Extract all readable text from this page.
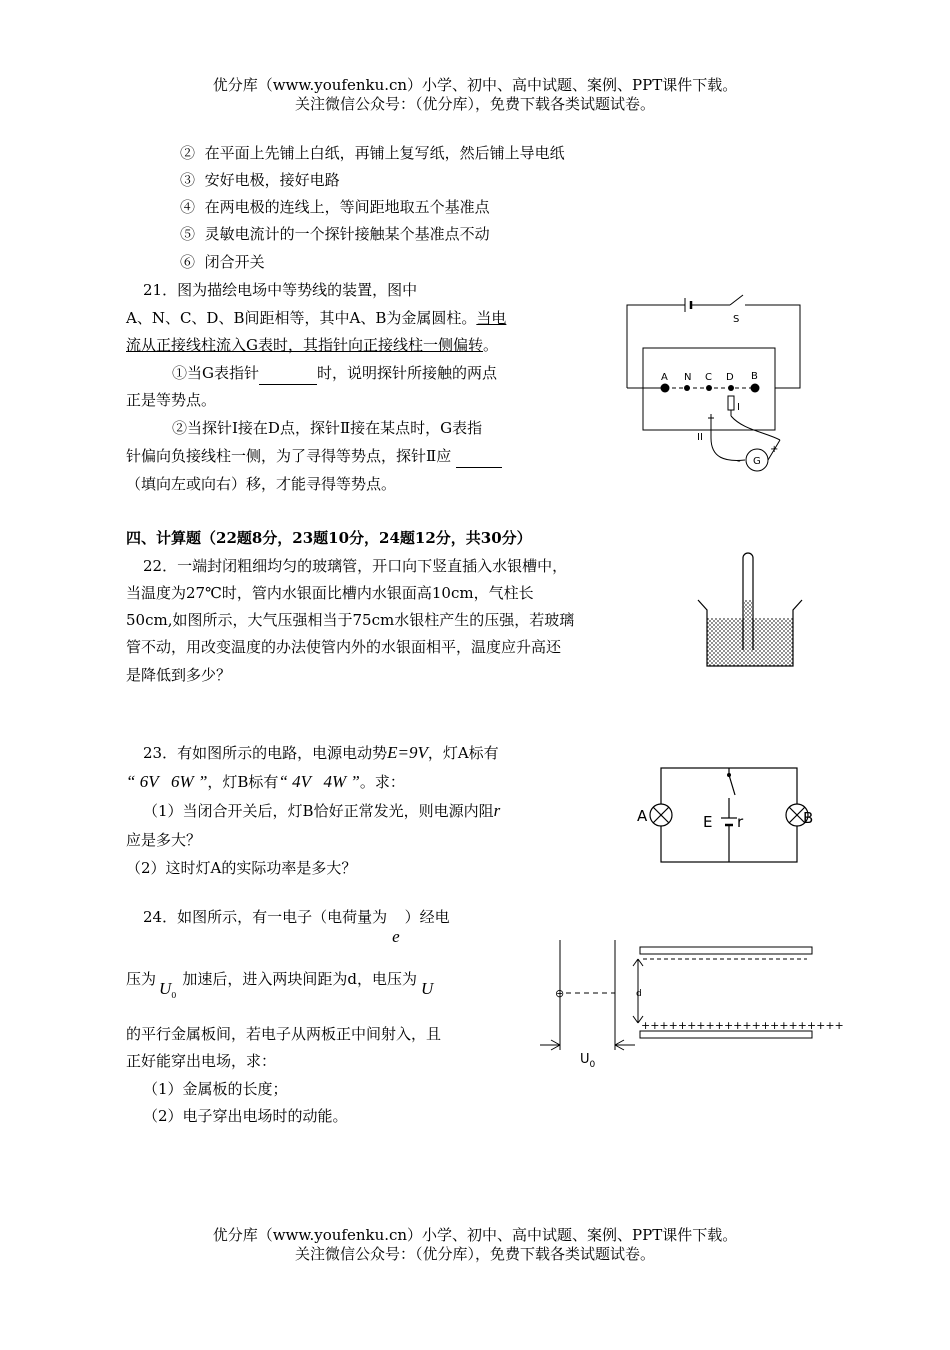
优分库（www.youfenku.cn）小学、初中、高中试题、案例、PPT课件下载。
关注微信公众号：（优分库），免费下载各类试题试卷。
② 在平面上先铺上白纸，再铺上复写纸，然后铺上导电纸
③ 安好电极，接好电路
④ 在两电极的连线上，等间距地取五个基准点
⑤ 灵敏电流计的一个探针接触某个基准点不动
⑥ 闭合开关
21．图为描绘电场中等势线的装置，图中
A、N、C、D、B间距相等，其中A、B为金属圆柱。当电
流从正接线柱流入G表时，其指针向正接线柱一侧偏转。
①当G表指针	时，说明探针所接触的两点
正是等势点。
②当探针Ⅰ接在D点，探针Ⅱ接在某点时，G表指
针偏向负接线柱一侧，为了寻得等势点，探针Ⅱ应
（填向左或向右）移，才能寻得等势点。
S
A N C D B
I
II
G
-
+
四、计算题（22题8分，23题10分，24题12分，共30分）
22．一端封闭粗细均匀的玻璃管，开口向下竖直插入水银槽中，
当温度为27℃时，管内水银面比槽内水银面高10cm，气柱长
50cm,如图所示，大气压强相当于75cm水银柱产生的压强，若玻璃
管不动，用改变温度的办法使管内外的水银面相平，温度应升高还
是降低到多少？
23．有如图所示的电路，电源电动势E=9V，灯A标有
“ 6V   6W ”，灯B标有“ 4V   4W ”。求：
（1）当闭合开关后，灯B恰好正常发光，则电源内阻r
应是多大？
（2）这时灯A的实际功率是多大？
A	B
E r
24．如图所示，有一电子（电荷量为e）经电
压为 $U_0$加速后，进入两块间距为d，电压为 U
的平行金属板间，若电子从两板正中间射入，且
正好能穿出电场，求：
（1）金属板的长度；
（2）电子穿出电场时的动能。
⊖	d
++++++++++++++++++++++
$U_0$
优分库（www.youfenku.cn）小学、初中、高中试题、案例、PPT课件下载。
关注微信公众号：（优分库），免费下载各类试题试卷。
